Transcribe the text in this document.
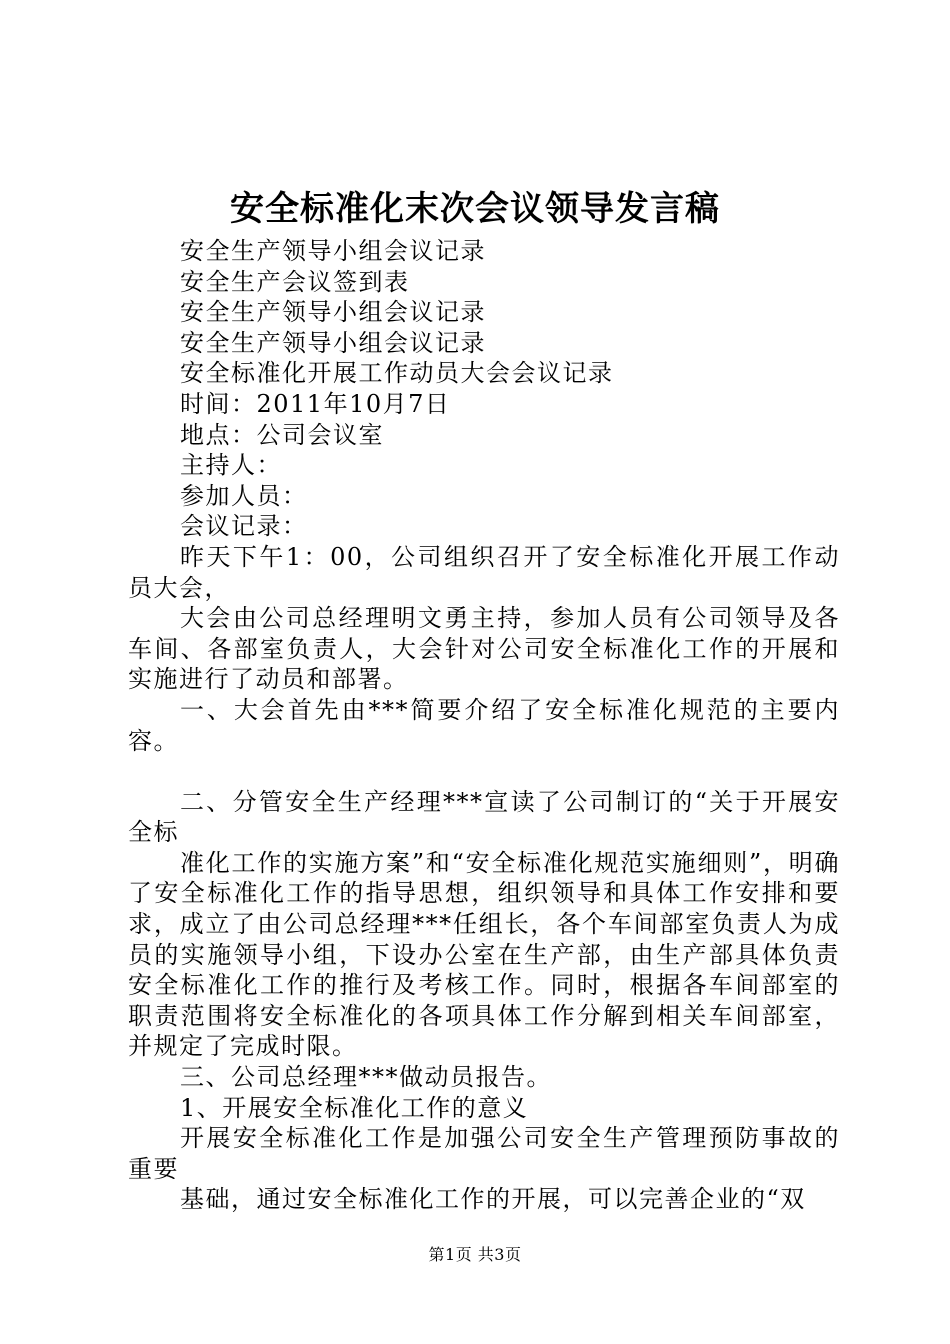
安全标准化末次会议领导发言稿
安全生产领导小组会议记录
安全生产会议签到表
安全生产领导小组会议记录
安全生产领导小组会议记录
安全标准化开展工作动员大会会议记录
时间：2011年10月7日
地点：公司会议室
主持人：
参加人员：
会议记录：
昨天下午1：00，公司组织召开了安全标准化开展工作动员大会，
大会由公司总经理明文勇主持，参加人员有公司领导及各车间、各部室负责人，大会针对公司安全标准化工作的开展和实施进行了动员和部署。
一、大会首先由***简要介绍了安全标准化规范的主要内容。
二、分管安全生产经理***宣读了公司制订的“关于开展安全标
准化工作的实施方案”和“安全标准化规范实施细则”，明确了安全标准化工作的指导思想，组织领导和具体工作安排和要求，成立了由公司总经理***任组长，各个车间部室负责人为成员的实施领导小组，下设办公室在生产部，由生产部具体负责安全标准化工作的推行及考核工作。同时，根据各车间部室的职责范围将安全标准化的各项具体工作分解到相关车间部室，并规定了完成时限。
三、公司总经理***做动员报告。
1、开展安全标准化工作的意义
开展安全标准化工作是加强公司安全生产管理预防事故的重要
基础，通过安全标准化工作的开展，可以完善企业的“双
第1页 共3页
